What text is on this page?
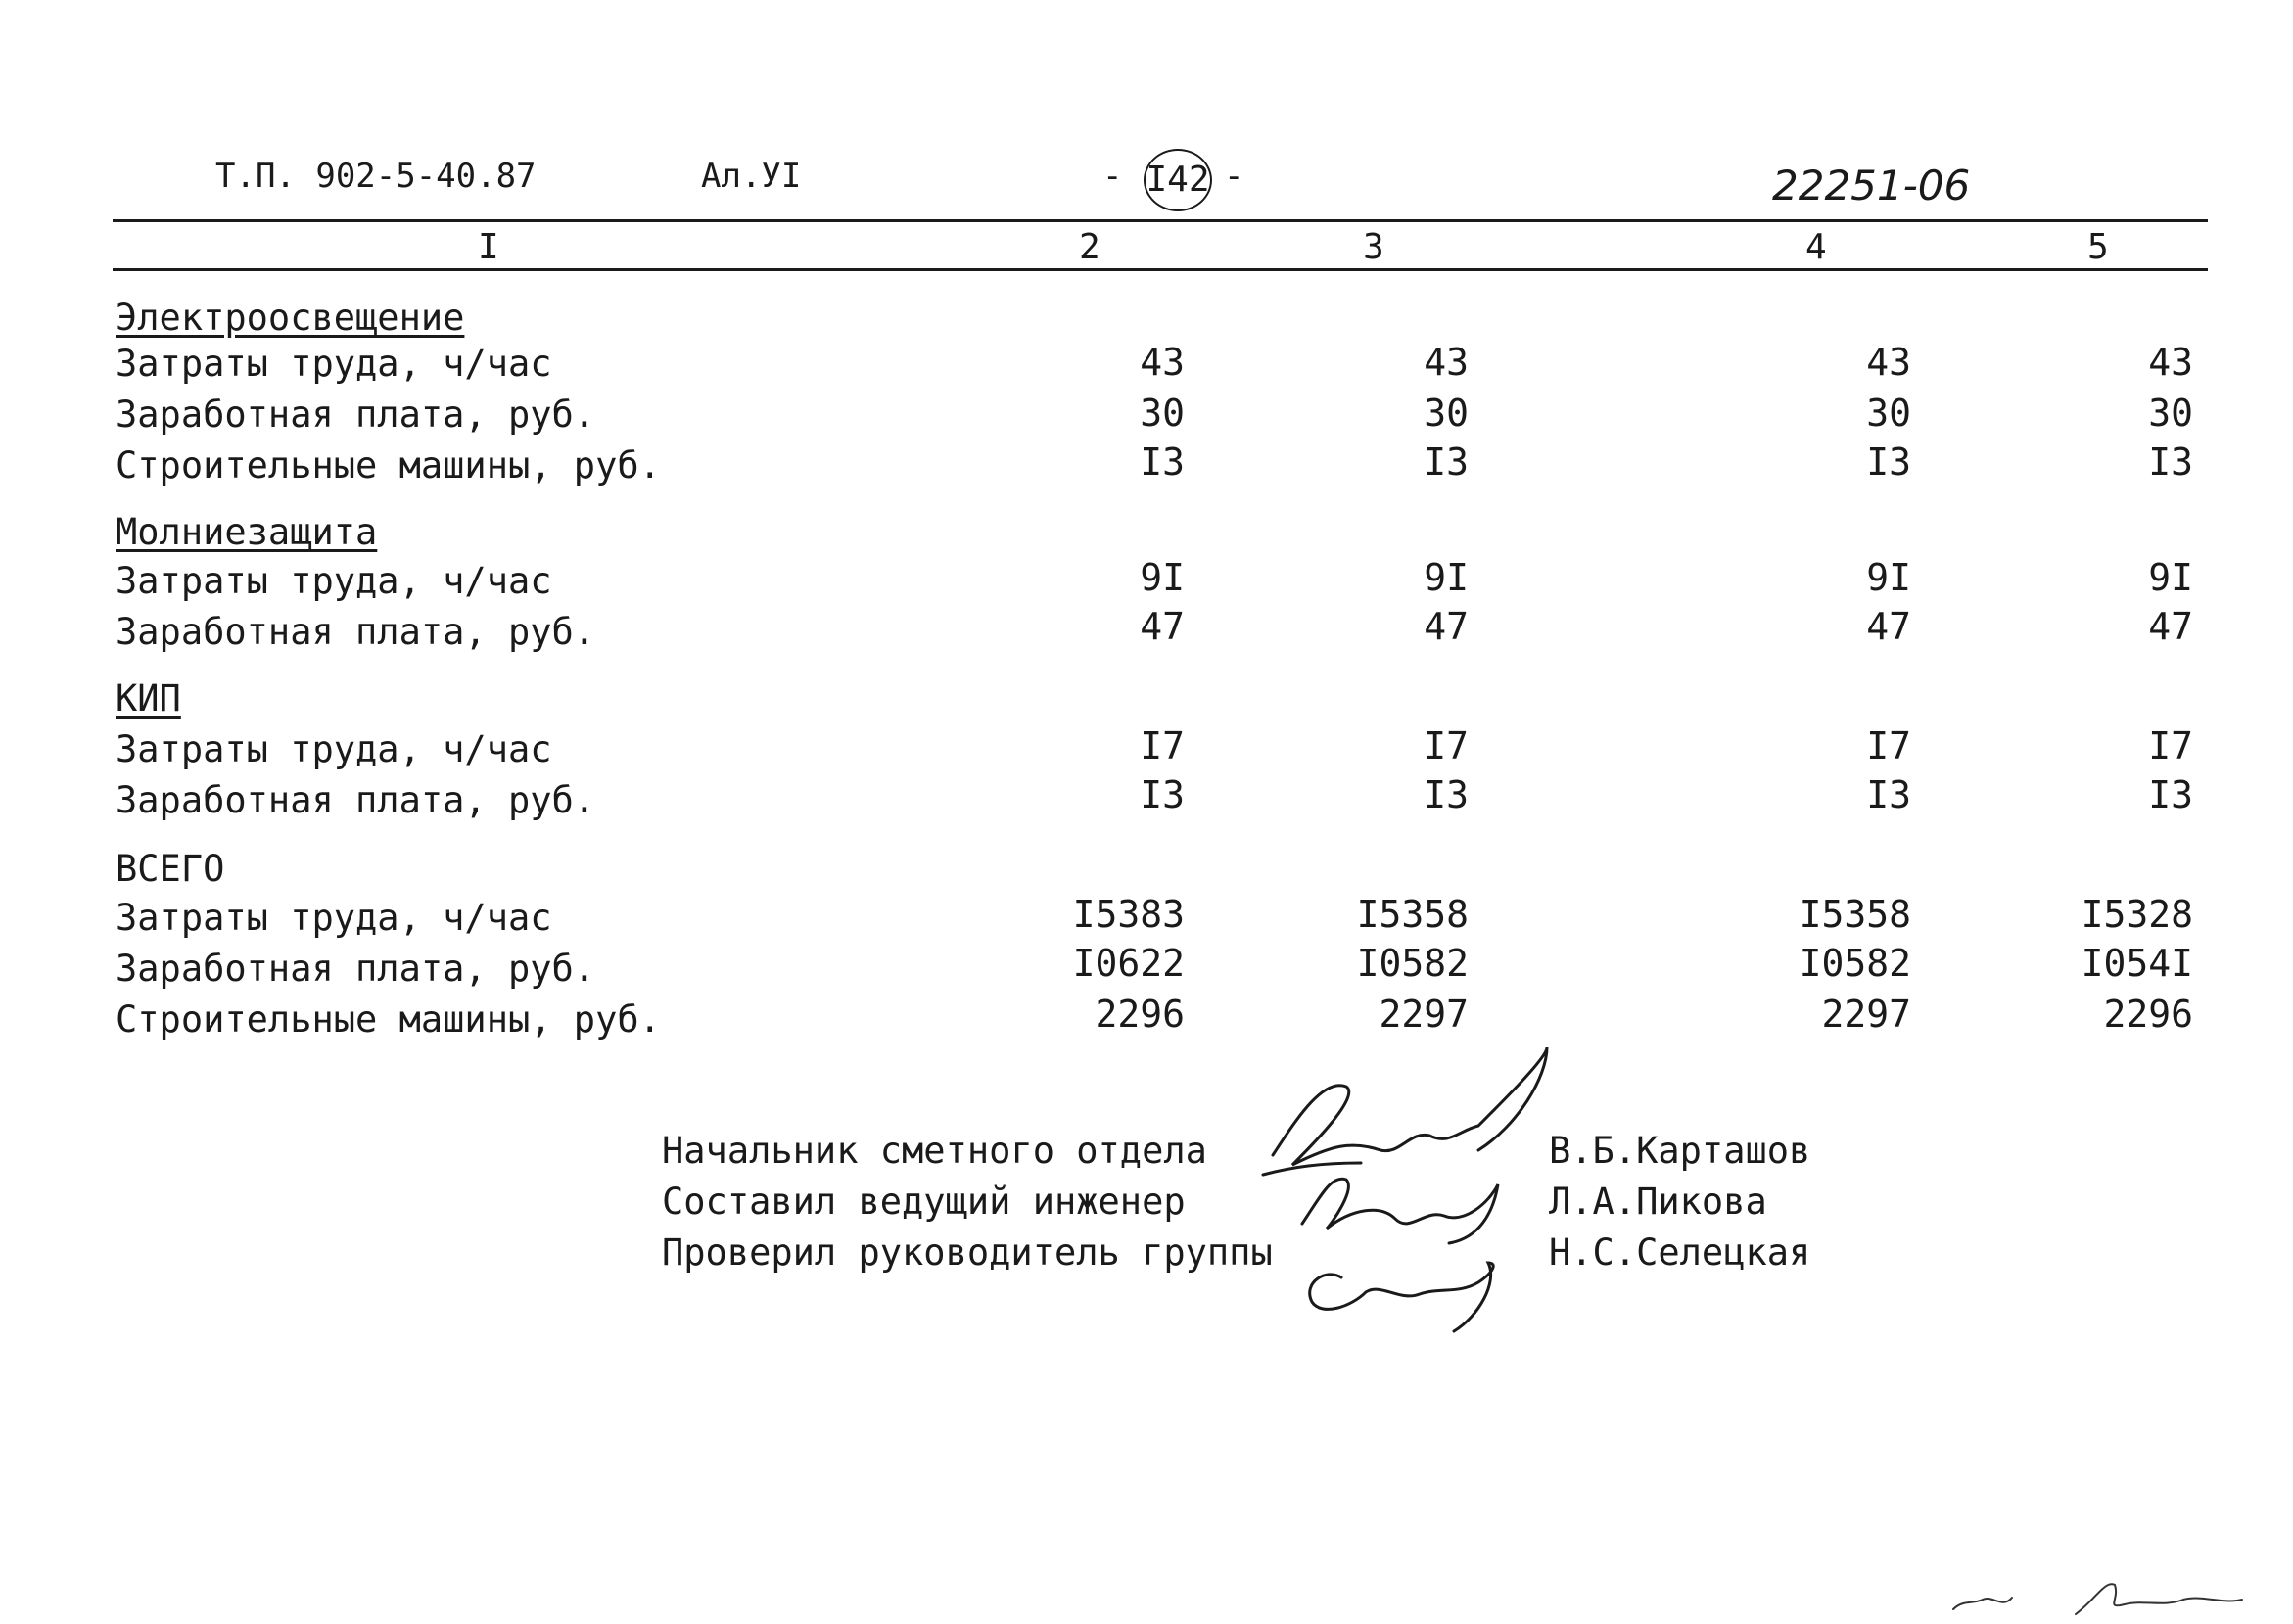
Т.П. 902-5-40.87	Ал.УI	- I42 -	22251-06
I	2	3	4	5
Электроосвещение
Затраты труда, ч/час	43	43	43	43
Заработная плата, руб.	30	30	30	30
Строительные машины, руб.	I3	I3	I3	I3
Молниезащита
Затраты труда, ч/час	9I	9I	9I	9I
Заработная плата, руб.	47	47	47	47
КИП
Затраты труда, ч/час	I7	I7	I7	I7
Заработная плата, руб.	I3	I3	I3	I3
ВСЕГО
Затраты труда, ч/час	I5383	I5358	I5358	I5328
Заработная плата, руб.	I0622	I0582	I0582	I054I
Строительные машины, руб.	2296	2297	2297	2296
Начальник сметного отдела
Составил ведущий инженер
Проверил руководитель группы
В.Б.Карташов
Л.А.Пикова
Н.С.Селецкая
